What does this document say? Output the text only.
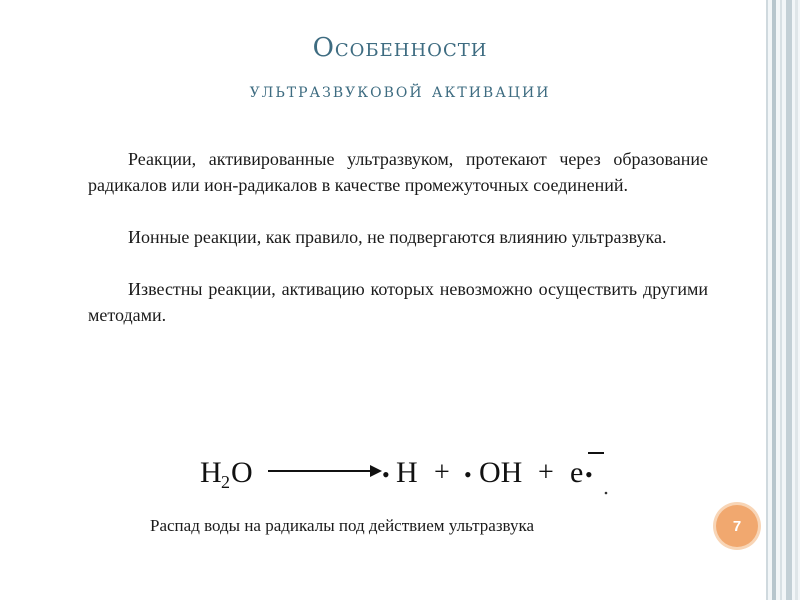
Особенности
ультразвуковой активации

Реакции, активированные ультразвуком, протекают через образование радикалов или ион-радикалов в качестве промежуточных соединений.

Ионные реакции, как правило, не подвергаются влиянию ультразвука.

Известны реакции, активацию которых невозможно осуществить другими методами.

H 2 O	• H + • OH + e •
Распад воды на радикалы под действием ультразвука	7
